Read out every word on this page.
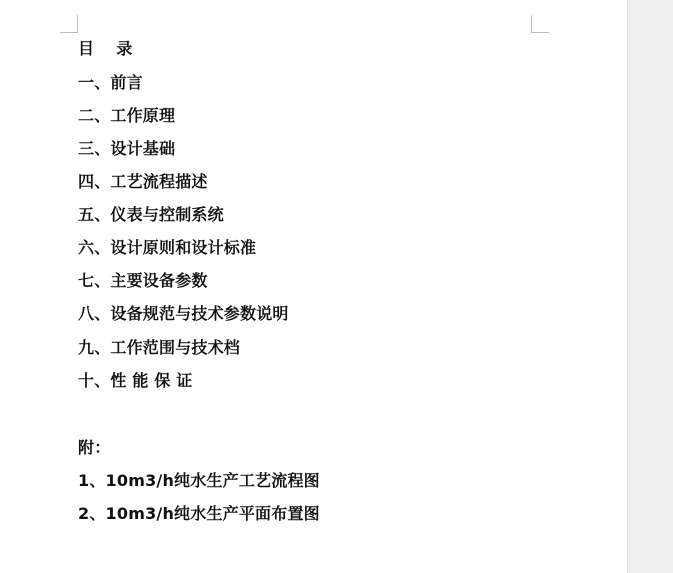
目    录
一、前言
二、工作原理
三、设计基础
四、工艺流程描述
五、仪表与控制系统
六、设计原则和设计标准
七、主要设备参数
八、设备规范与技术参数说明
九、工作范围与技术档
十、性 能 保 证
附：
1、10m3/h纯水生产工艺流程图
2、10m3/h纯水生产平面布置图
